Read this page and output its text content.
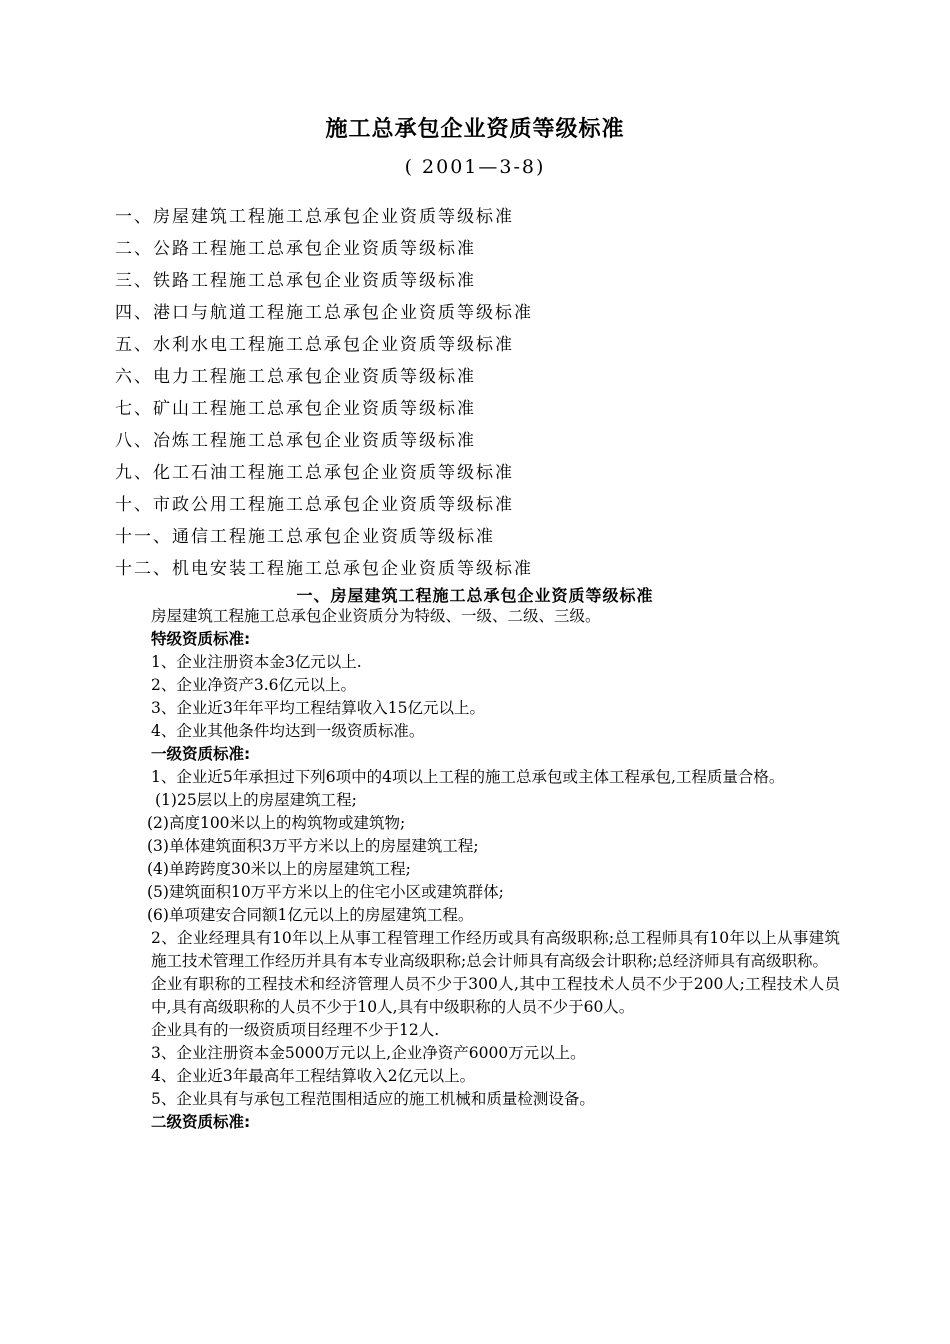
施工总承包企业资质等级标准
( 2001—3-8)
一、房屋建筑工程施工总承包企业资质等级标准
二、公路工程施工总承包企业资质等级标准
三、铁路工程施工总承包企业资质等级标准
四、港口与航道工程施工总承包企业资质等级标准
五、水利水电工程施工总承包企业资质等级标准
六、电力工程施工总承包企业资质等级标准
七、矿山工程施工总承包企业资质等级标准
八、冶炼工程施工总承包企业资质等级标准
九、化工石油工程施工总承包企业资质等级标准
十、市政公用工程施工总承包企业资质等级标准
十一、通信工程施工总承包企业资质等级标准
十二、机电安装工程施工总承包企业资质等级标准
一、房屋建筑工程施工总承包企业资质等级标准

房屋建筑工程施工总承包企业资质分为特级、一级、二级、三级。

特级资质标准:

1、企业注册资本金3亿元以上.

2、企业净资产3.6亿元以上。

3、企业近3年年平均工程结算收入15亿元以上。

4、企业其他条件均达到一级资质标准。

一级资质标准:

1、企业近5年承担过下列6项中的4项以上工程的施工总承包或主体工程承包,工程质量合格。

(1)25层以上的房屋建筑工程;

(2)高度100米以上的构筑物或建筑物;

(3)单体建筑面积3万平方米以上的房屋建筑工程;

(4)单跨跨度30米以上的房屋建筑工程;

(5)建筑面积10万平方米以上的住宅小区或建筑群体;

(6)单项建安合同额1亿元以上的房屋建筑工程。

2、企业经理具有10年以上从事工程管理工作经历或具有高级职称;总工程师具有10年以上从事建筑施工技术管理工作经历并具有本专业高级职称;总会计师具有高级会计职称;总经济师具有高级职称。

企业有职称的工程技术和经济管理人员不少于300人,其中工程技术人员不少于200人;工程技术人员中,具有高级职称的人员不少于10人,具有中级职称的人员不少于60人。

企业具有的一级资质项目经理不少于12人.

3、企业注册资本金5000万元以上,企业净资产6000万元以上。

4、企业近3年最高年工程结算收入2亿元以上。

5、企业具有与承包工程范围相适应的施工机械和质量检测设备。

二级资质标准:
